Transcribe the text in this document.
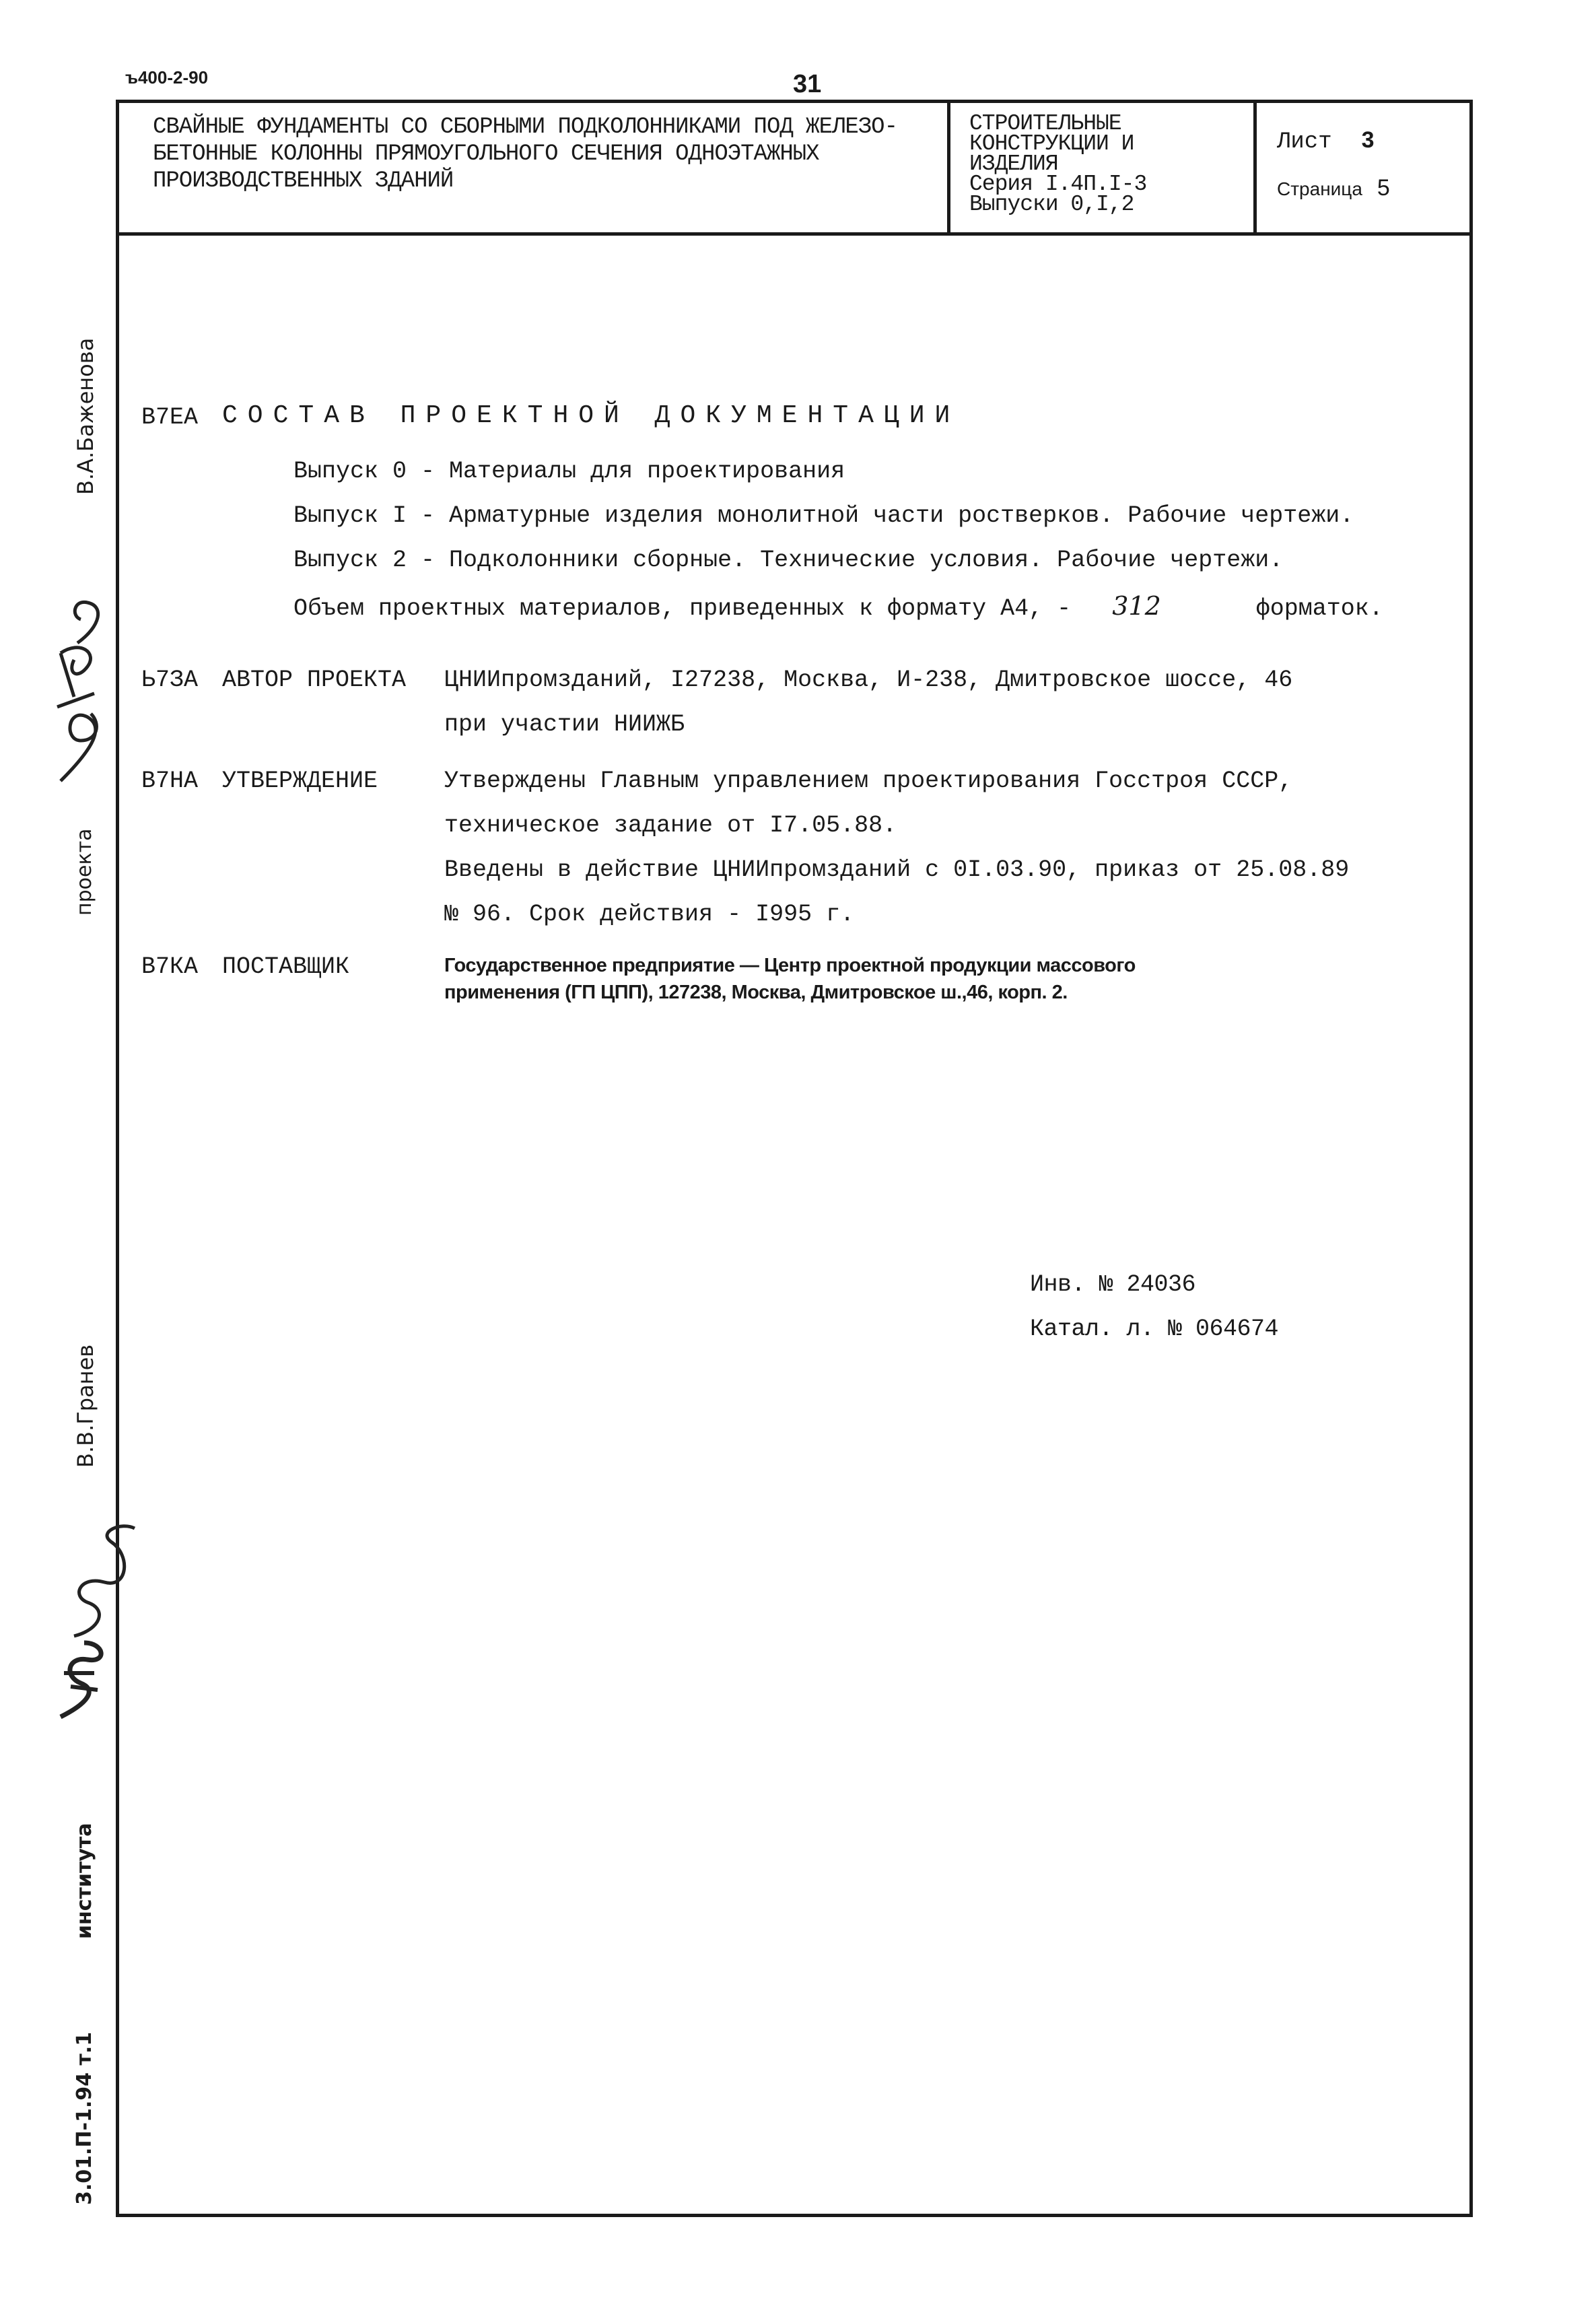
ъ400-2-90	31
СВАЙНЫЕ ФУНДАМЕНТЫ СО СБОРНЫМИ ПОДКОЛОННИКАМИ ПОД ЖЕЛЕЗО-
БЕТОННЫЕ КОЛОННЫ ПРЯМОУГОЛЬНОГО СЕЧЕНИЯ ОДНОЭТАЖНЫХ
ПРОИЗВОДСТВЕННЫХ ЗДАНИЙ
СТРОИТЕЛЬНЫЕ
КОНСТРУКЦИИ И
ИЗДЕЛИЯ
Серия I.4П.I-3
Выпуски 0,I,2
Лист 3
Страница 5
В7ЕА СОСТАВ ПРОЕКТНОЙ ДОКУМЕНТАЦИИ
Выпуск 0 - Материалы для проектирования
Выпуск I - Арматурные изделия монолитной части ростверков. Рабочие чертежи.
Выпуск 2 - Подколонники сборные. Технические условия. Рабочие чертежи.
Объем проектных материалов, приведенных к формату А4, - 312	форматок.
Ь7ЗА АВТОР ПРОЕКТА ЦНИИпромзданий, I27238, Москва, И-238, Дмитровское шоссе, 46
при участии НИИЖБ
В7НА УТВЕРЖДЕНИЕ	Утверждены Главным управлением проектирования Госстроя СССР,
техническое задание от I7.05.88.
Введены в действие ЦНИИпромзданий с 0I.03.90, приказ от 25.08.89
№ 96. Срок действия - I995 г.
В7КА ПОСТАВЩИК	Государственное предприятие — Центр проектной продукции массового
применения (ГП ЦПП), 127238, Москва, Дмитровское ш.,46, корп. 2.
Инв. № 24036
Катал. л. № 064674
В.А.Баженова
проекта
В.В.Гранев
института
3.01.П-1.94 т.1
